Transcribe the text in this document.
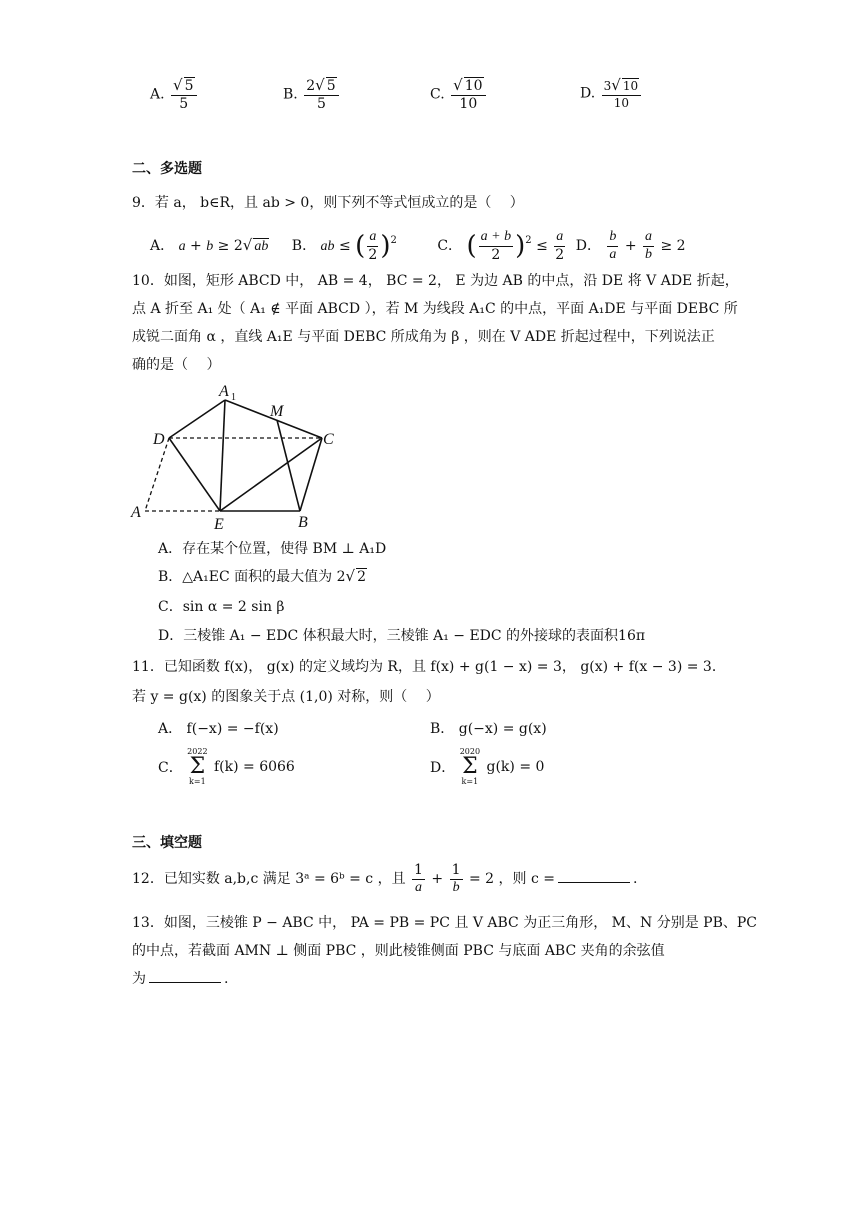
A. $\frac{√ 5}{5}$	B. $\frac{2√ 5}{5}$	C. $\frac{√ 10}{10}$	D. $\frac{3√ 10}{10}$
二、多选题
9．若 a， b∈R，且 ab > 0，则下列不等式恒成立的是（　 ）
A． a + b ≥ 2√ ab B． ab ≤ ( $\frac{a}{2} )^2$	C． ( $\frac{a + b}{2} )^2 \le \frac{a}{2}$ D． $\frac{b}{a} + \frac{a}{b} \ge 2$
10．如图，矩形 ABCD 中， AB = 4， BC = 2， E 为边 AB 的中点，沿 DE 将 V ADE 折起，
点 A 折至 A₁ 处（ A₁ ∉ 平面 ABCD ），若 M 为线段 A₁C 的中点，平面 A₁DE 与平面 DEBC 所
成锐二面角 α ，直线 A₁E 与平面 DEBC 所成角为 β ，则在 V ADE 折起过程中，下列说法正
确的是（　 ）
A 1
M
D	C
A
E	B
A．存在某个位置，使得 BM ⊥ A₁D
B．△A₁EC 面积的最大值为 2√ 2
C．sin α = 2 sin β
D．三棱锥 A₁ − EDC 体积最大时，三棱锥 A₁ − EDC 的外接球的表面积16π
11．已知函数 f(x)， g(x) 的定义域均为 R，且 f(x) + g(1 − x) = 3， g(x) + f(x − 3) = 3．
若 y = g(x) 的图象关于点 (1,0) 对称，则（　 ）
A． f(−x) = −f(x)	B． g(−x) = g(x)
C．
2022
Σ
k=1
f(k) = 6066	D．
2020
Σ
k=1
g(k) = 0
三、填空题
12．已知实数 a,b,c 满足 3ᵃ = 6ᵇ = c ，且 $\frac{1}{a} + \frac{1}{b} = 2$ ，则 c =	.
13．如图，三棱锥 P − ABC 中， PA = PB = PC 且 V ABC 为正三角形， M、N 分别是 PB、PC
的中点，若截面 AMN ⊥ 侧面 PBC ，则此棱锥侧面 PBC 与底面 ABC 夹角的余弦值
为	.
